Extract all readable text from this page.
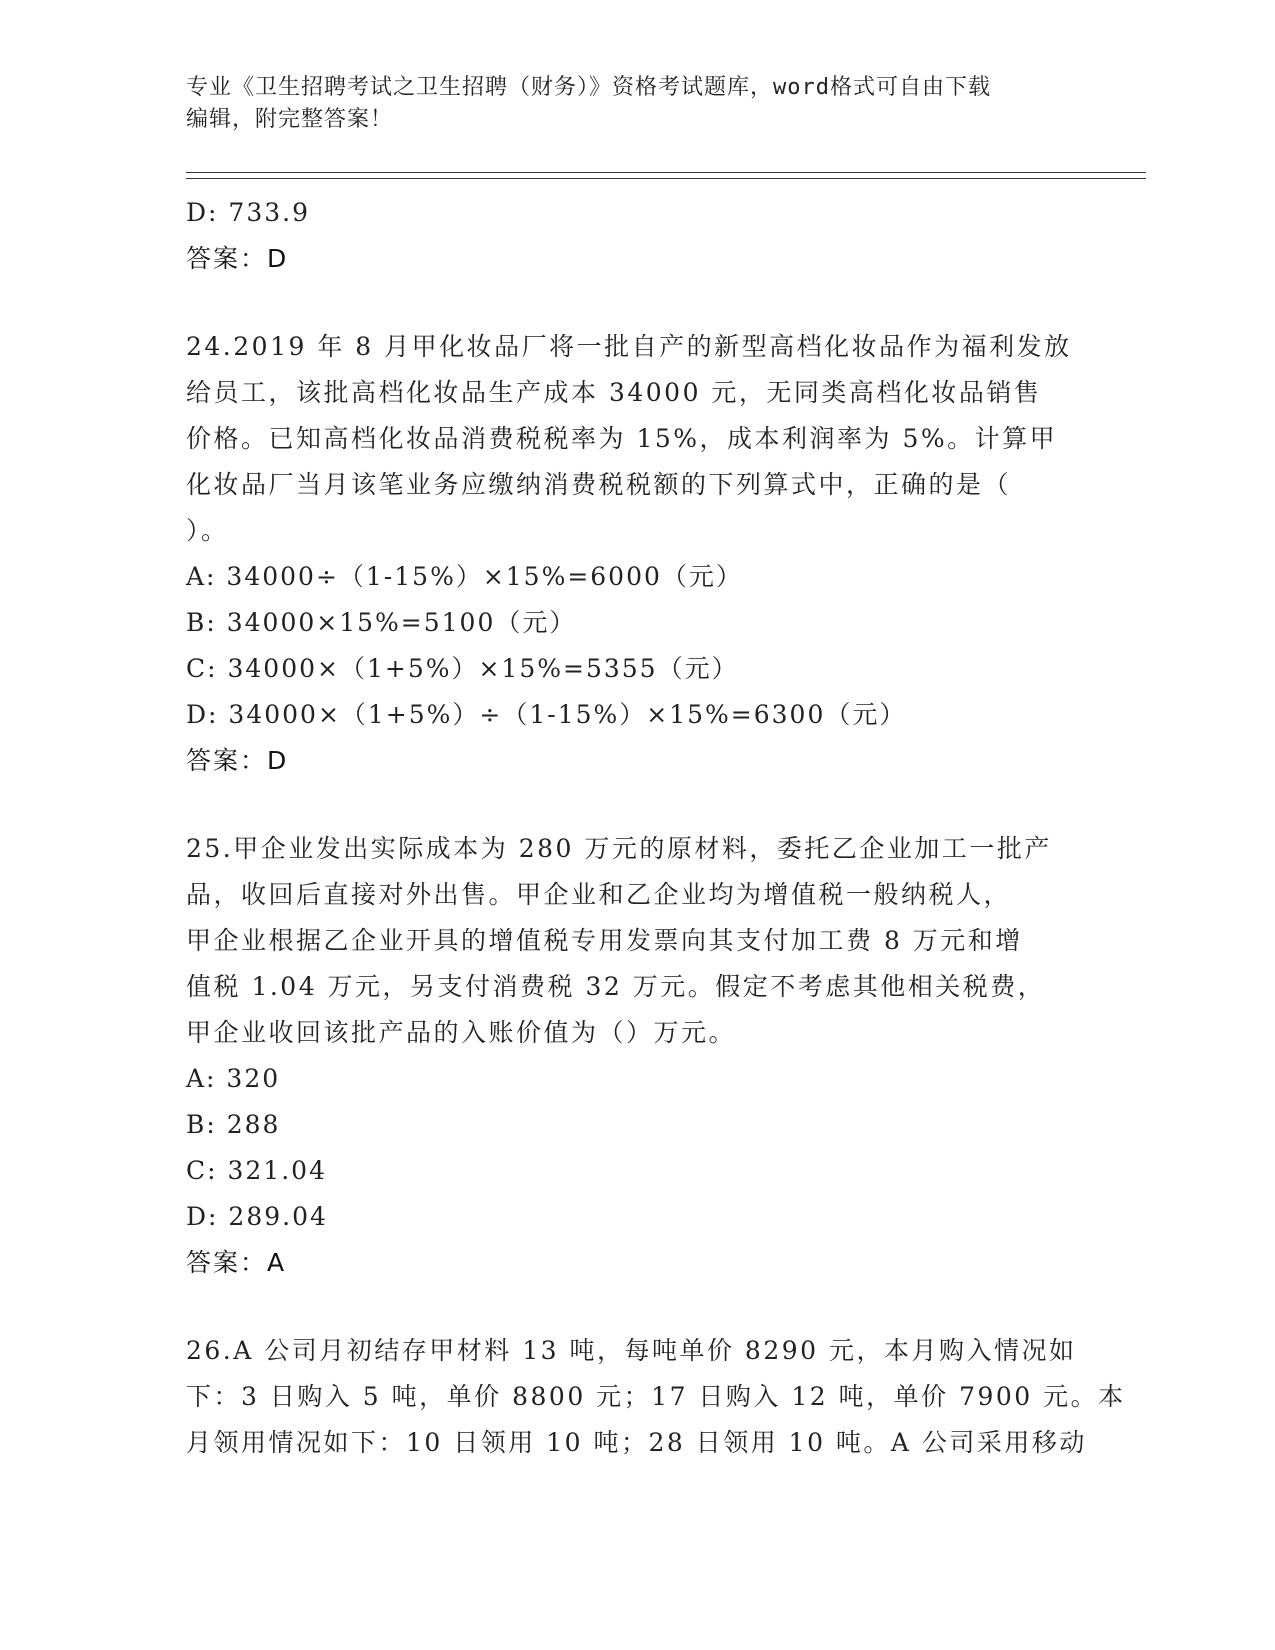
专业《卫生招聘考试之卫生招聘（财务）》资格考试题库，word格式可自由下载
编辑，附完整答案！
D: 733.9
答案：D
24.2019 年 8 月甲化妆品厂将一批自产的新型高档化妆品作为福利发放
给员工，该批高档化妆品生产成本 34000 元，无同类高档化妆品销售
价格。已知高档化妆品消费税税率为 15%，成本利润率为 5%。计算甲
化妆品厂当月该笔业务应缴纳消费税税额的下列算式中，正确的是（
）。
A: 34000÷（1-15%）×15%=6000（元）
B: 34000×15%=5100（元）
C: 34000×（1+5%）×15%=5355（元）
D: 34000×（1+5%）÷（1-15%）×15%=6300（元）
答案：D
25.甲企业发出实际成本为 280 万元的原材料，委托乙企业加工一批产
品，收回后直接对外出售。甲企业和乙企业均为增值税一般纳税人，
甲企业根据乙企业开具的增值税专用发票向其支付加工费 8 万元和增
值税 1.04 万元，另支付消费税 32 万元。假定不考虑其他相关税费，
甲企业收回该批产品的入账价值为（）万元。
A: 320
B: 288
C: 321.04
D: 289.04
答案：A
26.A 公司月初结存甲材料 13 吨，每吨单价 8290 元，本月购入情况如
下：3 日购入 5 吨，单价 8800 元；17 日购入 12 吨，单价 7900 元。本
月领用情况如下：10 日领用 10 吨；28 日领用 10 吨。A 公司采用移动
